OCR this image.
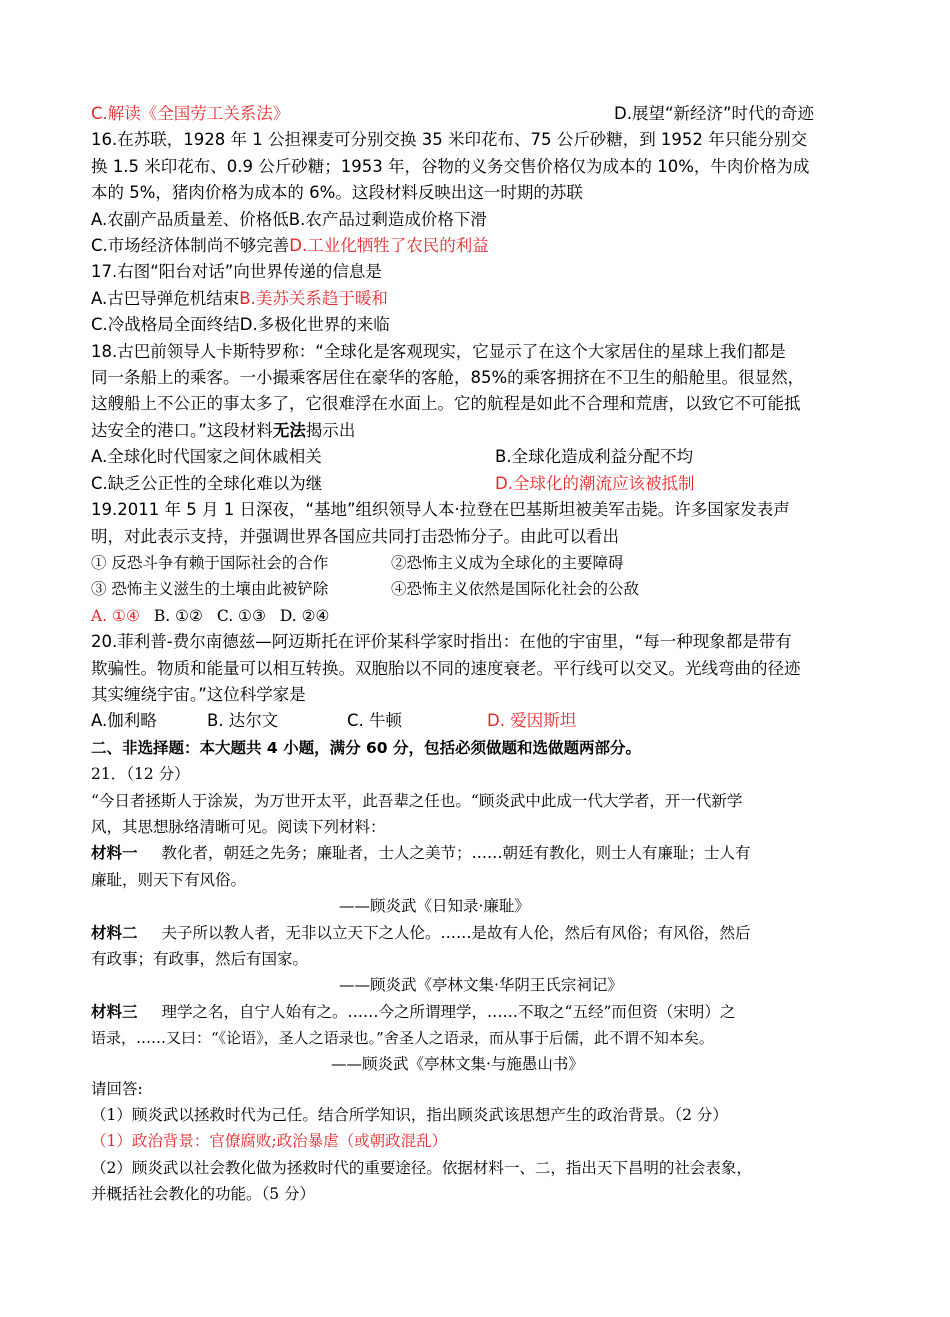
C.解读《全国劳工关系法》	D.展望“新经济”时代的奇迹
16.在苏联，1928 年 1 公担裸麦可分别交换 35 米印花布、75 公斤砂糖，到 1952 年只能分别交
换 1.5 米印花布、0.9 公斤砂糖；1953 年，谷物的义务交售价格仅为成本的 10%，牛肉价格为成
本的 5%，猪肉价格为成本的 6%。这段材料反映出这一时期的苏联
A.农副产品质量差、价格低B.农产品过剩造成价格下滑
C.市场经济体制尚不够完善D.工业化牺牲了农民的利益
17.右图“阳台对话”向世界传递的信息是
A.古巴导弹危机结束B.美苏关系趋于暖和
C.冷战格局全面终结D.多极化世界的来临
18.古巴前领导人卡斯特罗称：“全球化是客观现实，它显示了在这个大家居住的星球上我们都是
同一条船上的乘客。一小撮乘客居住在豪华的客舱，85%的乘客拥挤在不卫生的船舱里。很显然，
这艘船上不公正的事太多了，它很难浮在水面上。它的航程是如此不合理和荒唐，以致它不可能抵
达安全的港口。”这段材料无法揭示出
A.全球化时代国家之间休戚相关	B.全球化造成利益分配不均
C.缺乏公正性的全球化难以为继	D.全球化的潮流应该被抵制
19.2011 年 5 月 1 日深夜，“基地”组织领导人本·拉登在巴基斯坦被美军击毙。许多国家发表声
明，对此表示支持，并强调世界各国应共同打击恐怖分子。由此可以看出
① 反恐斗争有赖于国际社会的合作	②恐怖主义成为全球化的主要障碍
③ 恐怖主义滋生的土壤由此被铲除	④恐怖主义依然是国际化社会的公敌
A. ①④ B. ①② C. ①③ D. ②④
20.菲利普-费尔南德兹—阿迈斯托在评价某科学家时指出：在他的宇宙里，“每一种现象都是带有
欺骗性。物质和能量可以相互转换。双胞胎以不同的速度衰老。平行线可以交叉。光线弯曲的径迹
其实缠绕宇宙。”这位科学家是
A.伽利略	B. 达尔文	C. 牛顿	D. 爱因斯坦
二、非选择题：本大题共 4 小题，满分 60 分，包括必须做题和选做题两部分。
21．（12 分）
“今日者拯斯人于涂炭，为万世开太平，此吾辈之任也。“顾炎武中此成一代大学者，开一代新学
风，其思想脉络清晰可见。阅读下列材料：
材料一 教化者，朝廷之先务；廉耻者，士人之美节；……朝廷有教化，则士人有廉耻；士人有
廉耻，则天下有风俗。
——顾炎武《日知录·廉耻》
材料二 夫子所以教人者，无非以立天下之人伦。……是故有人伦，然后有风俗；有风俗，然后
有政事；有政事，然后有国家。
——顾炎武《亭林文集·华阴王氏宗祠记》
材料三 理学之名，自宁人始有之。……今之所谓理学，……不取之“五经”而但资（宋明）之
语录，……又曰：“《论语》，圣人之语录也。”舍圣人之语录，而从事于后儒，此不谓不知本矣。
——顾炎武《亭林文集·与施愚山书》
请回答:
（1）顾炎武以拯救时代为己任。结合所学知识，指出顾炎武该思想产生的政治背景。（2 分）
（1）政治背景：官僚腐败;政治暴虐（或朝政混乱）
（2）顾炎武以社会教化做为拯救时代的重要途径。依据材料一、二，指出天下昌明的社会表象，
并概括社会教化的功能。（5 分）
